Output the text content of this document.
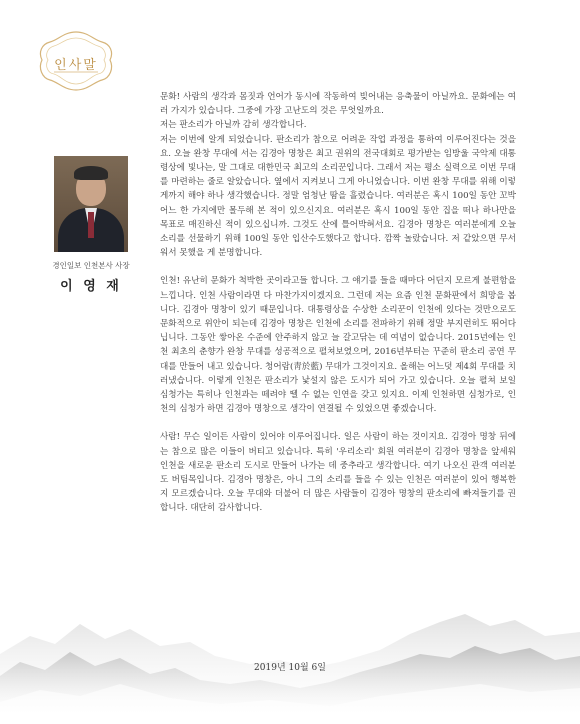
인사말
경인일보 인천본사 사장
이 영 재

문화! 사람의 생각과 몸짓과 언어가 동시에 작동하여 빚어내는 응축물이 아닐까요. 문화에는 여러 가지가 있습니다. 그중에 가장 고난도의 것은 무엇일까요.

저는 판소리가 아닐까 감히 생각합니다.

저는 이번에 알게 되었습니다. 판소리가 참으로 어려운 작업 과정을 통하여 이루어진다는 것을요. 오늘 완창 무대에 서는 김경아 명창은 최고 권위의 전국대회로 평가받는 임방울 국악제 대통령상에 빛나는, 말 그대로 대한민국 최고의 소리꾼입니다. 그래서 저는 평소 실력으로 이번 무대를 마련하는 줄로 알았습니다. 옆에서 지켜보니 그게 아니었습니다. 이번 완창 무대를 위해 이렇게까지 해야 하나 생각했습니다. 정말 엄청난 땀을 흘렸습니다. 여러분은 혹시 100일 동안 꼬박 어느 한 가지에만 몰두해 본 적이 있으신지요. 여러분은 혹시 100일 동안 집을 떠나 하나만을 목표로 매진하신 적이 있으십니까. 그것도 산에 틀어박혀서요. 김경아 명창은 여러분에게 오늘 소리를 선물하기 위해 100일 동안 입산수도했다고 합니다. 깜짝 놀랐습니다. 저 같았으면 무서워서 못했을 게 분명합니다.

인천! 유난히 문화가 척박한 곳이라고들 합니다. 그 얘기를 들을 때마다 어딘지 모르게 불편함을 느낍니다. 인천 사람이라면 다 마찬가지이겠지요. 그런데 저는 요즘 인천 문화판에서 희망을 봅니다. 김경아 명창이 있기 때문입니다. 대통령상을 수상한 소리꾼이 인천에 있다는 것만으로도 문화적으로 위안이 되는데 김경아 명창은 인천에 소리를 전파하기 위해 정말 부지런히도 뛰어다닙니다. 그동안 쌓아온 수준에 안주하지 않고 늘 갈고닦는 데 여념이 없습니다. 2015년에는 인천 최초의 춘향가 완창 무대를 성공적으로 펼쳐보였으며, 2016년부터는 꾸준히 판소리 공연 무대를 만들어 내고 있습니다. 청어람(靑於藍) 무대가 그것이지요. 올해는 어느덧 제4회 무대를 치러냈습니다. 이렇게 인천은 판소리가 낯설지 않은 도시가 되어 가고 있습니다. 오늘 펼쳐 보일 심청가는 특히나 인천과는 떼려야 뗄 수 없는 인연을 갖고 있지요. 이제 인천하면 심청가로, 인천의 심청가 하면 김경아 명창으로 생각이 연결될 수 있었으면 좋겠습니다.

사람! 무슨 일이든 사람이 있어야 이루어집니다. 일은 사람이 하는 것이지요. 김경아 명창 뒤에는 참으로 많은 이들이 버티고 있습니다. 특히 '우리소리' 회원 여러분이 김경아 명창을 앞세워 인천을 새로운 판소리 도시로 만들어 나가는 데 중추라고 생각합니다. 여기 나오신 관객 여러분도 버팀목입니다. 김경아 명창은, 아니 그의 소리를 들을 수 있는 인천은 여러분이 있어 행복한지 모르겠습니다. 오늘 무대와 더불어 더 많은 사람들이 김경아 명창의 판소리에 빠져들기를 권합니다. 대단히 감사합니다.

2019년 10월 6일
